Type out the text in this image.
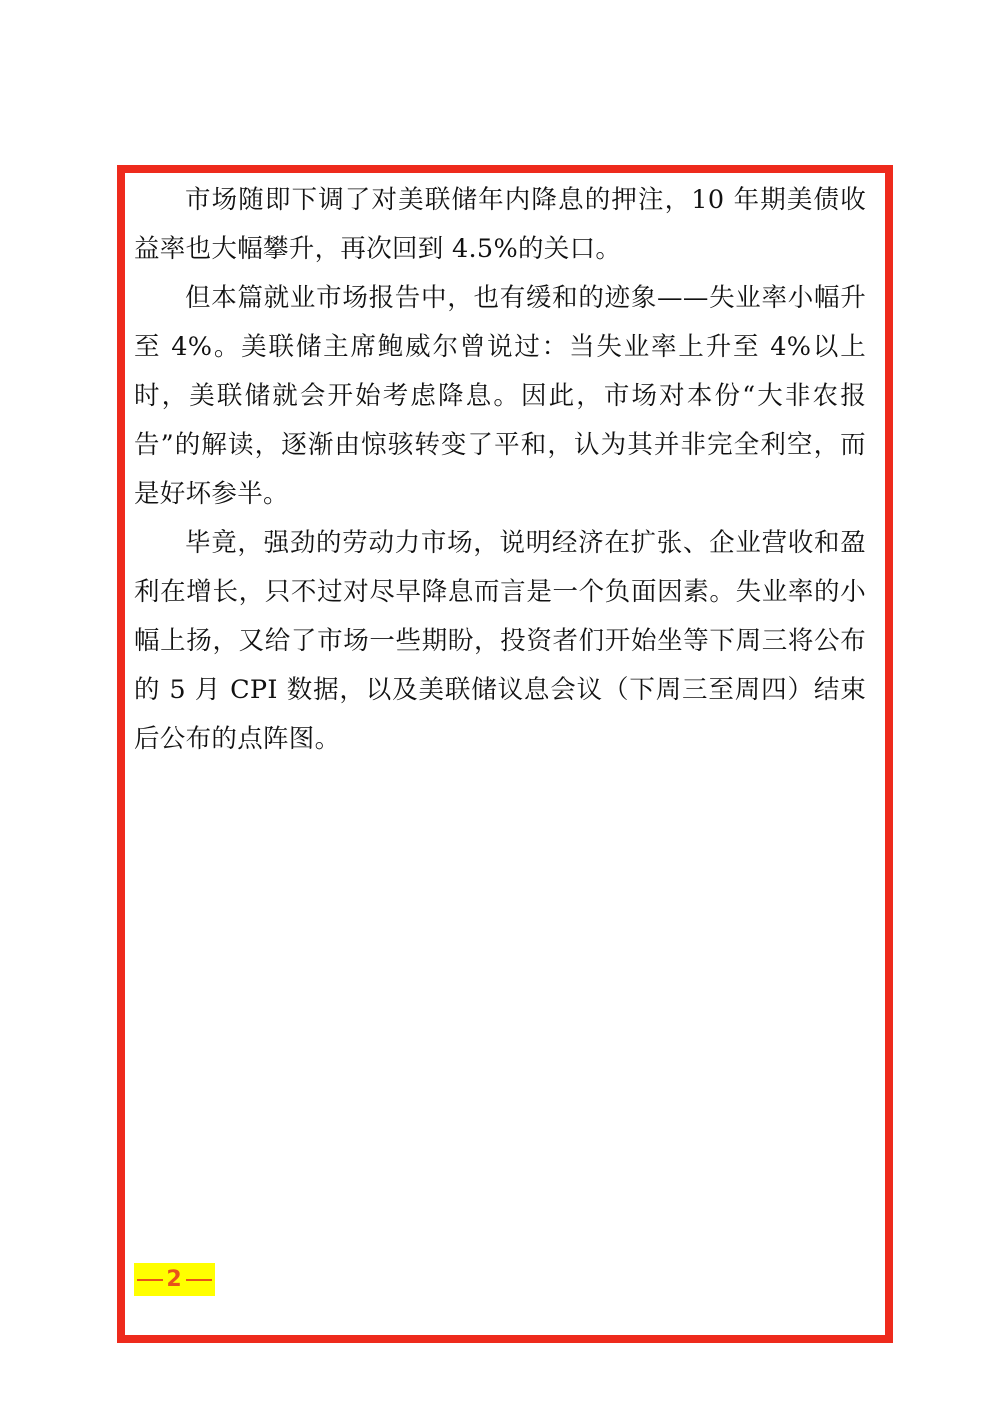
市场随即下调了对美联储年内降息的押注，10 年期美债收益率也大幅攀升，再次回到 4.5%的关口。

但本篇就业市场报告中，也有缓和的迹象——失业率小幅升至 4%。美联储主席鲍威尔曾说过：当失业率上升至 4%以上时，美联储就会开始考虑降息。因此，市场对本份“大非农报告”的解读，逐渐由惊骇转变了平和，认为其并非完全利空，而是好坏参半。

毕竟，强劲的劳动力市场，说明经济在扩张、企业营收和盈利在增长，只不过对尽早降息而言是一个负面因素。失业率的小幅上扬，又给了市场一些期盼，投资者们开始坐等下周三将公布的 5 月 CPI 数据，以及美联储议息会议（下周三至周四）结束后公布的点阵图。

2
